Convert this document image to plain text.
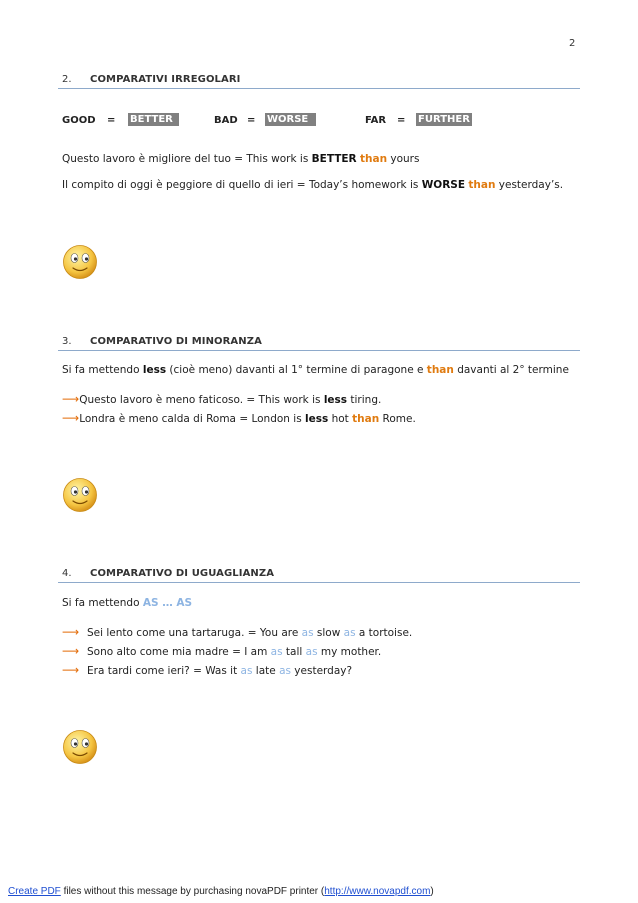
2
2. COMPARATIVI IRREGOLARI
GOOD = BETTER	BAD = WORSE	FAR = FURTHER
Questo lavoro è migliore del tuo = This work is BETTER than yours
Il compito di oggi è peggiore di quello di ieri = Today’s homework is WORSE than yesterday’s.
3. COMPARATIVO DI MINORANZA
Si fa mettendo less (cioè meno) davanti al 1° termine di paragone e than davanti al 2° termine
⟶Questo lavoro è meno faticoso. = This work is less tiring.
⟶Londra è meno calda di Roma = London is less hot than Rome.
4. COMPARATIVO DI UGUAGLIANZA
Si fa mettendo AS … AS
⟶ Sei lento come una tartaruga. = You are as slow as a tortoise.
⟶ Sono alto come mia madre = I am as tall as my mother.
⟶ Era tardi come ieri? = Was it as late as yesterday?
Create PDF files without this message by purchasing novaPDF printer (http://www.novapdf.com)
